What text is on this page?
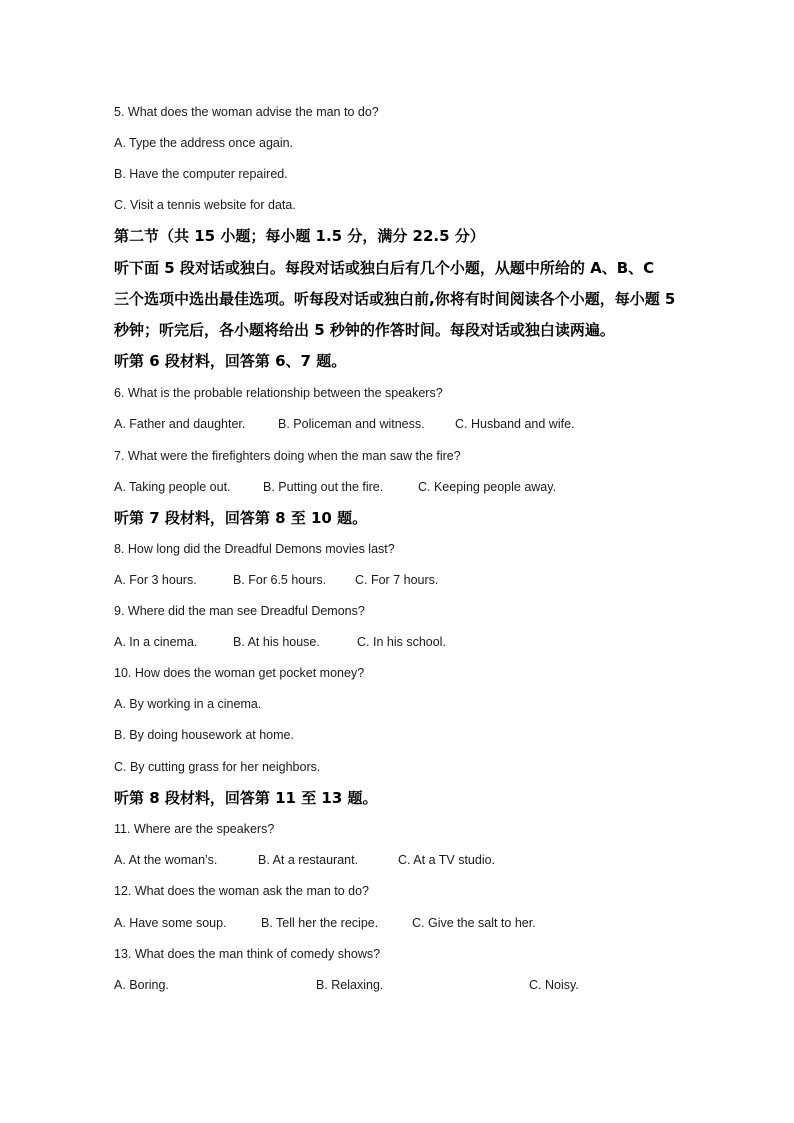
5. What does the woman advise the man to do?
A. Type the address once again.
B. Have the computer repaired.
C. Visit a tennis website for data.
第二节（共 15 小题；每小题 1.5 分，满分 22.5 分）
听下面 5 段对话或独白。每段对话或独白后有几个小题，从题中所给的 A、B、C
三个选项中选出最佳选项。听每段对话或独白前,你将有时间阅读各个小题，每小题 5
秒钟；听完后，各小题将给出 5 秒钟的作答时间。每段对话或独白读两遍。
听第 6 段材料，回答第 6、7 题。
6. What is the probable relationship between the speakers?
A. Father and daughter.	B. Policeman and witness. C. Husband and wife.
7. What were the firefighters doing when the man saw the fire?
A. Taking people out.	B. Putting out the fire.	C. Keeping people away.
听第 7 段材料，回答第 8 至 10 题。
8. How long did the Dreadful Demons movies last?
A. For 3 hours.	B. For 6.5 hours. C. For 7 hours.
9. Where did the man see Dreadful Demons?
A. In a cinema.	B. At his house.	C. In his school.
10. How does the woman get pocket money?
A. By working in a cinema.
B. By doing housework at home.
C. By cutting grass for her neighbors.
听第 8 段材料，回答第 11 至 13 题。
11. Where are the speakers?
A. At the woman’s.	B. At a restaurant.	C. At a TV studio.
12. What does the woman ask the man to do?
A. Have some soup.	B. Tell her the recipe.	C. Give the salt to her.
13. What does the man think of comedy shows?
A. Boring.	B. Relaxing.	C. Noisy.
